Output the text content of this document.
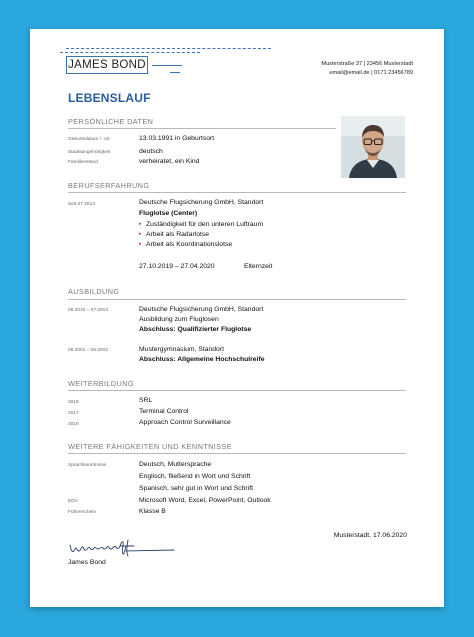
JAMES BOND	Musterstraße 37 | 23456 Musterstadt
email@email.de | 0171 23456789
LEBENSLAUF
PERSÖNLICHE DATEN
Geburtsdatum / -ort	13.03.1991 in Geburtsort
Staatsangehörigkeit	deutsch
Familienstand	verheiratet, ein Kind
BERUFSERFAHRUNG
Seit 07.2013	Deutsche Flugsicherung GmbH, Standort
Fluglotse (Center)
▸ Zuständigkeit für den unteren Luftraum
▸ Arbeit als Radarlotse
▸ Arbeit als Koordinationslotse
27.10.2019 – 27.04.2020	Elternzeit
AUSBILDUNG
08.2010 – 07.2013	Deutsche Flugsicherung GmbH, Standort
Ausbildung zum Fluglosen
Abschluss: Qualifizierter Fluglotse
08.2001 – 06.2010	Mustergymnasium, Standort
Abschluss: Allgemeine Hochschulreife
WEITERBILDUNG
2018	SRL
2017	Terminal Control
2016	Approach Control Surveillance
WEITERE FÄHIGKEITEN UND KENNTNISSE
Sprachkenntnisse	Deutsch, Muttersprache
Englisch, fließend in Wort und Schrift
Spanisch, sehr gut in Wort und Schrift
EDV	Microsoft Word, Excel, PowerPoint, Outlook
Führerschein	Klasse B
Musterstadt, 17.06.2020
James Bond
